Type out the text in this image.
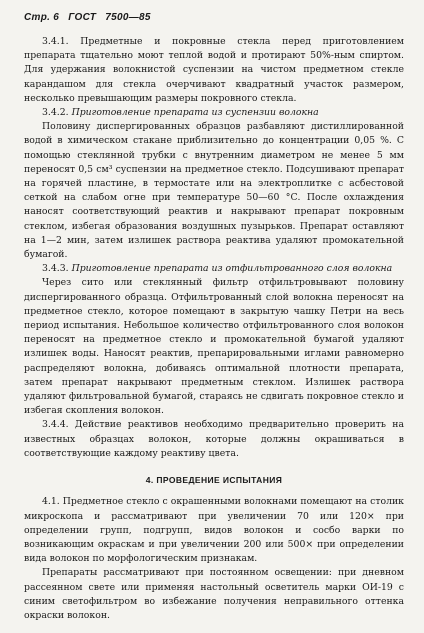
Стр. 6 ГОСТ 7500—85

3.4.1. Предметные и покровные стекла перед приготовлением препарата тщательно моют теплой водой и протирают 50%-ным спиртом. Для удержания волокнистой суспензии на чистом предметном стекле карандашом для стекла очерчивают квадратный участок размером, несколько превышающим размеры покровного стекла.

3.4.2. Приготовление препарата из суспензии волокна

Половину диспергированных образцов разбавляют дистиллированной водой в химическом стакане приблизительно до концентрации 0,05 %. С помощью стеклянной трубки с внутренним диаметром не менее 5 мм переносят 0,5 см³ суспензии на предметное стекло. Подсушивают препарат на горячей пластине, в термостате или на электроплитке с асбестовой сеткой на слабом огне при температуре 50—60 °С. После охлаждения наносят соответствующий реактив и накрывают препарат покровным стеклом, избегая образования воздушных пузырьков. Препарат оставляют на 1—2 мин, затем излишек раствора реактива удаляют промокательной бумагой.

3.4.3. Приготовление препарата из отфильтрованного слоя волокна

Через сито или стеклянный фильтр отфильтровывают половину диспергированного образца. Отфильтрованный слой волокна переносят на предметное стекло, которое помещают в закрытую чашку Петри на весь период испытания. Небольшое количество отфильтрованного слоя волокон переносят на предметное стекло и промокательной бумагой удаляют излишек воды. Наносят реактив, препарировальными иглами равномерно распределяют волокна, добиваясь оптимальной плотности препарата, затем препарат накрывают предметным стеклом. Излишек раствора удаляют фильтровальной бумагой, стараясь не сдвигать покровное стекло и избегая скопления волокон.

3.4.4. Действие реактивов необходимо предварительно проверить на известных образцах волокон, которые должны окрашиваться в соответствующие каждому реактиву цвета.

4. ПРОВЕДЕНИЕ ИСПЫТАНИЯ

4.1. Предметное стекло с окрашенными волокнами помещают на столик микроскопа и рассматривают при увеличении 70 или 120× при определении групп, подгрупп, видов волокон и сосбо варки по возникающим окраскам и при увеличении 200 или 500× при определении вида волокон по морфологическим признакам.

Препараты рассматривают при постоянном освещении: при дневном рассеянном свете или применяя настольный осветитель марки ОИ-19 с синим светофильтром во избежание получения неправильного оттенка окраски волокон.
